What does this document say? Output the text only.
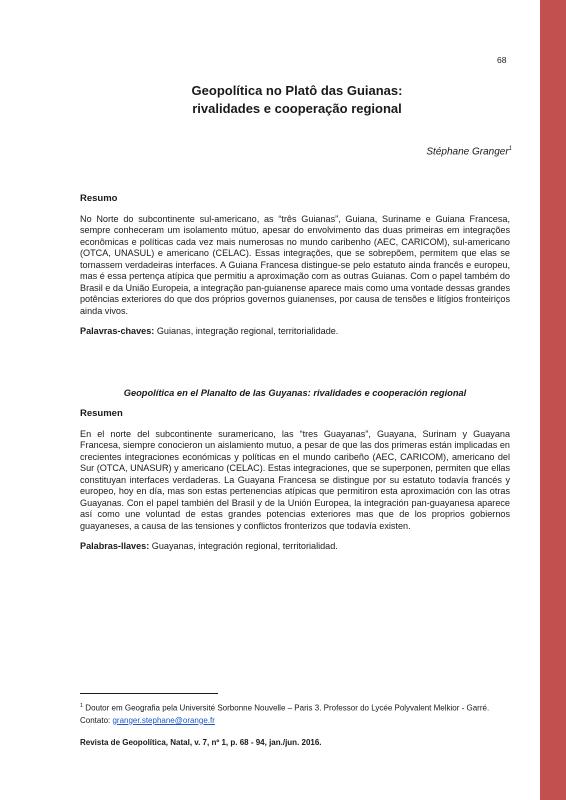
68
Geopolítica no Platô das Guianas:
rivalidades e cooperação regional
Stéphane Granger$^1$
Resumo
No Norte do subcontinente sul-americano, as “três Guianas”, Guiana, Suriname e Guiana Francesa, sempre conheceram um isolamento mútuo, apesar do envolvimento das duas primeiras em integrações econômicas e políticas cada vez mais numerosas no mundo caribenho (AEC, CARICOM), sul-americano (OTCA, UNASUL) e americano (CELAC). Essas integrações, que se sobrepõem, permitem que elas se tornassem verdadeiras interfaces. A Guiana Francesa distingue-se pelo estatuto ainda francês e europeu, mas é essa pertença atípica que permitiu a aproximação com as outras Guianas. Com o papel também do Brasil e da União Europeia, a integração pan-guianense aparece mais como uma vontade dessas grandes potências exteriores do que dos próprios governos guianenses, por causa de tensões e litígios fronteiriços ainda vivos.
Palavras-chaves: Guianas, integração regional, territorialidade.
Geopolítica en el Planalto de las Guyanas: rivalidades e cooperación regional
Resumen
En el norte del subcontinente suramericano, las “tres Guayanas”, Guayana, Surinam y Guayana Francesa, siempre conocieron un aislamiento mutuo, a pesar de que las dos primeras están implicadas en crecientes integraciones económicas y políticas en el mundo caribeño (AEC, CARICOM), americano del Sur (OTCA, UNASUR) y americano (CELAC). Estas integraciones, que se superponen, permiten que ellas constituyan interfaces verdaderas. La Guayana Francesa se distingue por su estatuto todavía francés y europeo, hoy en día, mas son estas pertenencias atípicas que permitiron esta aproximación con las otras Guayanas. Con el papel también del Brasil y de la Unión Europea, la integración pan-guayanesa aparece así como une voluntad de estas grandes potencias exteriores mas que de los proprios gobiernos guayaneses, a causa de las tensiones y conflictos fronterizos que todavía existen.
Palabras-llaves: Guayanas, integración regional, territorialidad.
$^1$ Doutor em Geografia pela Université Sorbonne Nouvelle – Paris 3. Professor do Lycée Polyvalent Melkior - Garré. Contato: granger.stephane@orange.fr
Revista de Geopolítica, Natal, v. 7, nº 1, p. 68 - 94, jan./jun. 2016.
